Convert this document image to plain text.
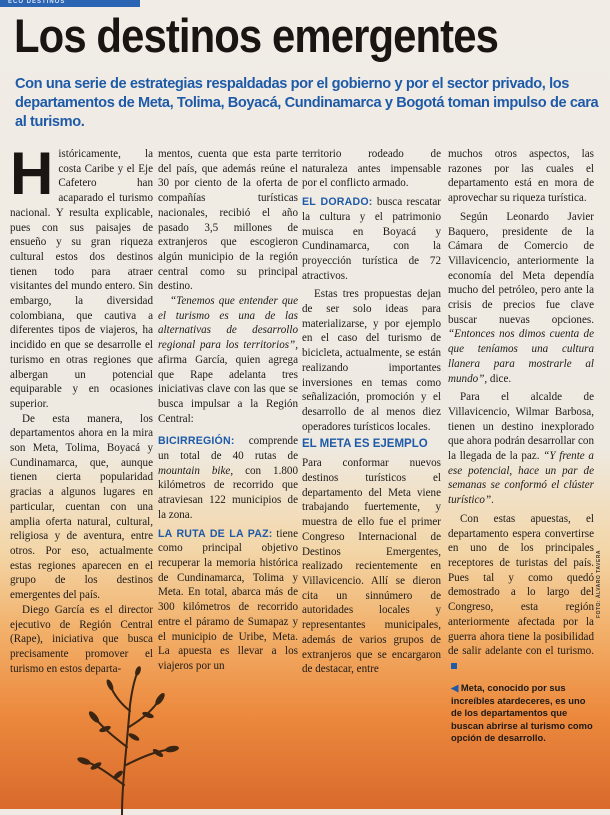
ECO DESTINOS
Los destinos emergentes

Con una serie de estrategias respaldadas por el gobierno y por el sector privado, los departamentos de Meta, Tolima, Boyacá, Cundinamarca y Bogotá toman impulso de cara al turismo.

Históricamente, la costa Caribe y el Eje Cafetero han acaparado el turismo nacional. Y resulta explicable, pues con sus paisajes de ensueño y su gran riqueza cultural estos dos destinos tienen todo para atraer visitantes del mundo entero. Sin embargo, la diversidad colombiana, que cautiva a diferentes tipos de viajeros, ha incidido en que se desarrolle el turismo en otras regiones que albergan un potencial equiparable y en ocasiones superior.

De esta manera, los departamentos ahora en la mira son Meta, Tolima, Boyacá y Cundinamarca, que, aunque tienen cierta popularidad gracias a algunos lugares en particular, cuentan con una amplia oferta natural, cultural, religiosa y de aventura, entre otros. Por eso, actualmente estas regiones aparecen en el grupo de los destinos emergentes del país.

Diego García es el director ejecutivo de Región Central (Rape), iniciativa que busca precisamente promover el turismo en estos departa-

mentos, cuenta que esta parte del país, que además reúne el 30 por ciento de la oferta de compañías turísticas nacionales, recibió el año pasado 3,5 millones de extranjeros que escogieron algún municipio de la región central como su principal destino.

“Tenemos que entender que el turismo es una de las alternativas de desarrollo regional para los territorios”, afirma García, quien agrega que Rape adelanta tres iniciativas clave con las que se busca impulsar a la Región Central:

BICIRREGIÓN: comprende un total de 40 rutas de mountain bike, con 1.800 kilómetros de recorrido que atraviesan 122 municipios de la zona.

LA RUTA DE LA PAZ: tiene como principal objetivo recuperar la memoria histórica de Cundinamarca, Tolima y Meta. En total, abarca más de 300 kilómetros de recorrido entre el páramo de Sumapaz y el municipio de Uribe, Meta. La apuesta es llevar a los viajeros por un

territorio rodeado de naturaleza antes impensable por el conflicto armado.

EL DORADO: busca rescatar la cultura y el patrimonio muisca en Boyacá y Cundinamarca, con la proyección turística de 72 atractivos.

Estas tres propuestas dejan de ser solo ideas para materializarse, y por ejemplo en el caso del turismo de bicicleta, actualmente, se están realizando importantes inversiones en temas como señalización, promoción y el desarrollo de al menos diez operadores turísticos locales.

EL META ES EJEMPLO

Para conformar nuevos destinos turísticos el departamento del Meta viene trabajando fuertemente, y muestra de ello fue el primer Congreso Internacional de Destinos Emergentes, realizado recientemente en Villavicencio. Allí se dieron cita un sinnúmero de autoridades locales y representantes municipales, además de varios grupos de extranjeros que se encargaron de destacar, entre

muchos otros aspectos, las razones por las cuales el departamento está en mora de aprovechar su riqueza turística.

Según Leonardo Javier Baquero, presidente de la Cámara de Comercio de Villavicencio, anteriormente la economía del Meta dependía mucho del petróleo, pero ante la crisis de precios fue clave buscar nuevas opciones. “Entonces nos dimos cuenta de que teníamos una cultura llanera para mostrarle al mundo”, dice.

Para el alcalde de Villavicencio, Wilmar Barbosa, tienen un destino inexplorado que ahora podrán desarrollar con la llegada de la paz. “Y frente a ese potencial, hace un par de semanas se conformó el clúster turístico”.

Con estas apuestas, el departamento espera convertirse en uno de los principales receptores de turistas del país. Pues tal y como quedó demostrado a lo largo del Congreso, esta región anteriormente afectada por la guerra ahora tiene la posibilidad de salir adelante con el turismo.

FOTO: ÁLVARO TAVERA

◀ Meta, conocido por sus increíbles atardeceres, es uno de los departamentos que buscan abrirse al turismo como opción de desarrollo.
